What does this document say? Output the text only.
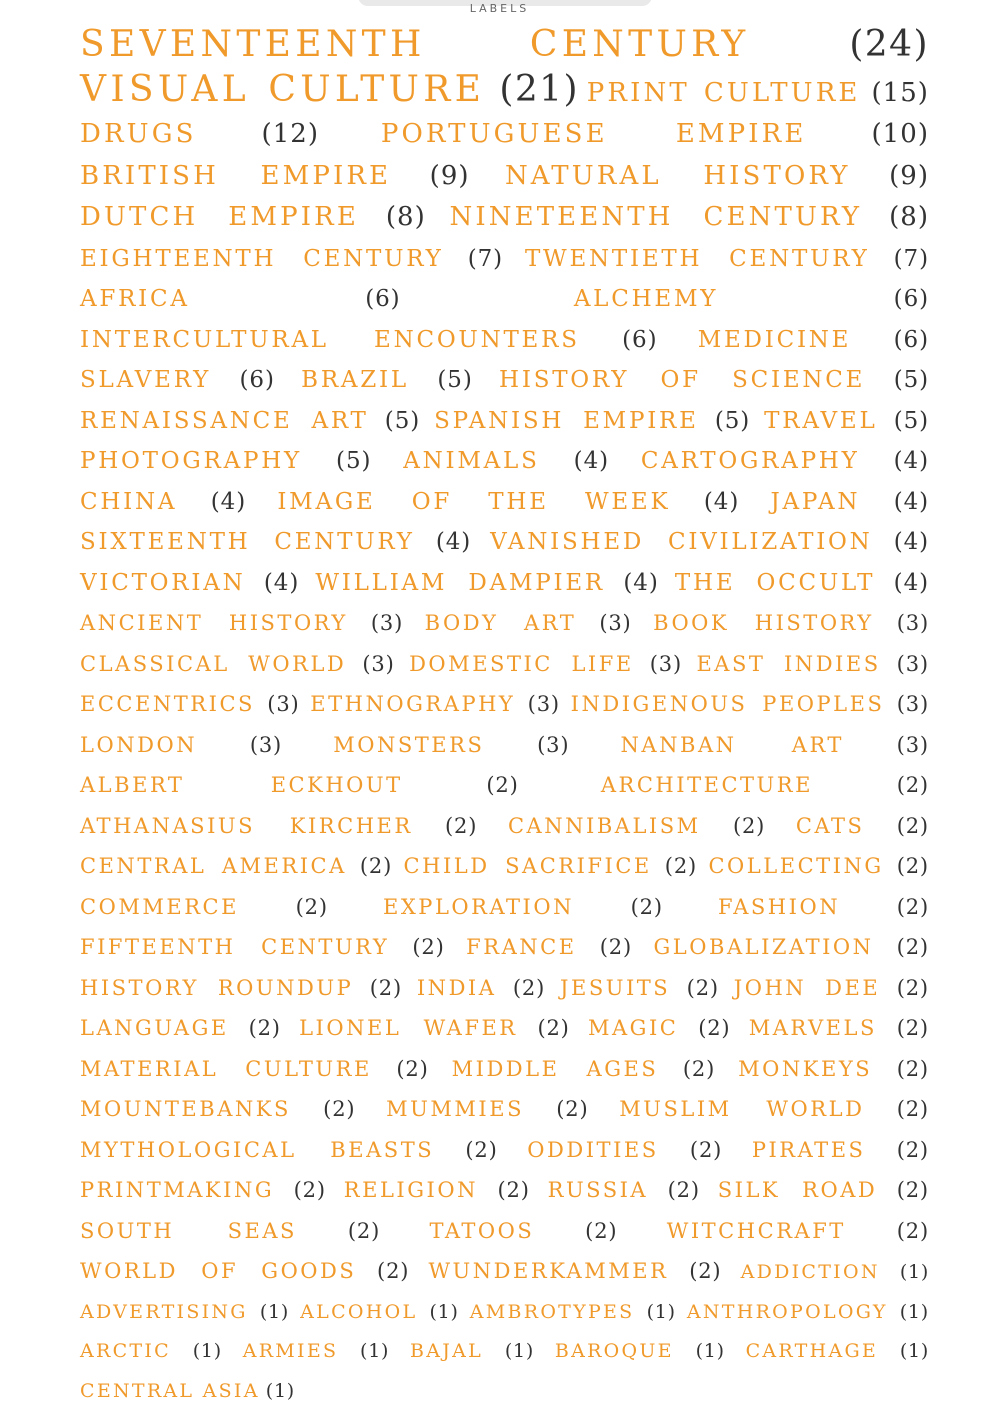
LABELS
SEVENTEENTH CENTURY	(24) VISUAL CULTURE (21) PRINT CULTURE (15) DRUGS	(12) PORTUGUESE EMPIRE	(10) BRITISH EMPIRE (9) NATURAL HISTORY (9) DUTCH EMPIRE (8) NINETEENTH CENTURY (8) EIGHTEENTH CENTURY (7) TWENTIETH CENTURY (7) AFRICA	(6)	ALCHEMY	(6) INTERCULTURAL ENCOUNTERS (6) MEDICINE (6) SLAVERY (6) BRAZIL (5) HISTORY OF SCIENCE (5) RENAISSANCE ART (5) SPANISH EMPIRE (5) TRAVEL (5) PHOTOGRAPHY (5) ANIMALS (4) CARTOGRAPHY (4) CHINA (4) IMAGE OF THE WEEK (4) JAPAN (4) SIXTEENTH CENTURY (4) VANISHED CIVILIZATION (4) VICTORIAN (4) WILLIAM DAMPIER (4) THE OCCULT (4) ANCIENT HISTORY (3) BODY ART (3) BOOK HISTORY (3) CLASSICAL WORLD (3) DOMESTIC LIFE (3) EAST INDIES (3) ECCENTRICS (3) ETHNOGRAPHY (3) INDIGENOUS PEOPLES (3) LONDON	(3) MONSTERS	(3) NANBAN ART	(3) ALBERT ECKHOUT	(2)	ARCHITECTURE	(2) ATHANASIUS KIRCHER (2) CANNIBALISM (2) CATS (2) CENTRAL AMERICA (2) CHILD SACRIFICE (2) COLLECTING (2) COMMERCE	(2)	EXPLORATION	(2)	FASHION	(2) FIFTEENTH CENTURY (2) FRANCE (2) GLOBALIZATION (2) HISTORY ROUNDUP (2) INDIA (2) JESUITS (2) JOHN DEE (2) LANGUAGE (2) LIONEL WAFER (2) MAGIC (2) MARVELS (2) MATERIAL CULTURE (2) MIDDLE AGES (2) MONKEYS (2) MOUNTEBANKS (2) MUMMIES (2) MUSLIM WORLD (2) MYTHOLOGICAL BEASTS (2) ODDITIES (2) PIRATES (2) PRINTMAKING (2) RELIGION (2) RUSSIA (2) SILK ROAD (2) SOUTH SEAS (2) TATOOS (2) WITCHCRAFT (2) WORLD OF GOODS (2) WUNDERKAMMER (2) ADDICTION (1) ADVERTISING (1) ALCOHOL (1) AMBROTYPES (1) ANTHROPOLOGY (1) ARCTIC (1) ARMIES (1) BAJAL (1) BAROQUE (1) CARTHAGE (1) CENTRAL ASIA (1)
